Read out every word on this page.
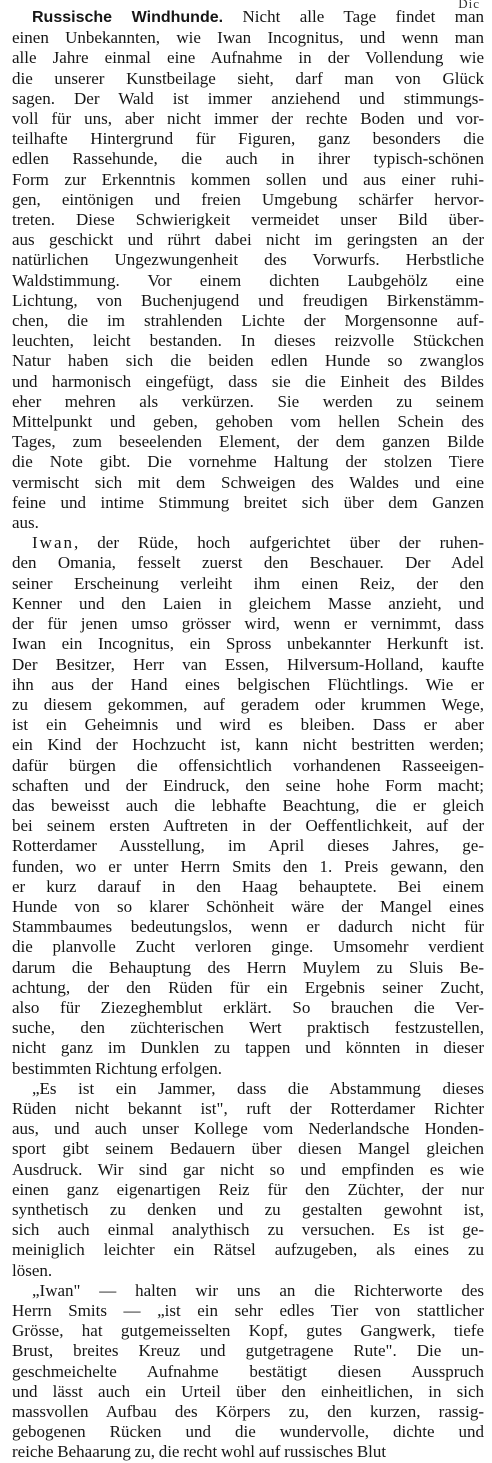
Dic

Russische Windhunde. Nicht alle Tage findet man
einen Unbekannten, wie Iwan Incognitus, und wenn man
alle Jahre einmal eine Aufnahme in der Vollendung wie
die unserer Kunstbeilage sieht, darf man von Glück
sagen. Der Wald ist immer anziehend und stimmungs-
voll für uns, aber nicht immer der rechte Boden und vor-
teilhafte Hintergrund für Figuren, ganz besonders die
edlen Rassehunde, die auch in ihrer typisch-schönen
Form zur Erkenntnis kommen sollen und aus einer ruhi-
gen, eintönigen und freien Umgebung schärfer hervor-
treten. Diese Schwierigkeit vermeidet unser Bild über-
aus geschickt und rührt dabei nicht im geringsten an der
natürlichen Ungezwungenheit des Vorwurfs. Herbstliche
Waldstimmung. Vor einem dichten Laubgehölz eine
Lichtung, von Buchenjugend und freudigen Birkenstämm-
chen, die im strahlenden Lichte der Morgensonne auf-
leuchten, leicht bestanden. In dieses reizvolle Stückchen
Natur haben sich die beiden edlen Hunde so zwanglos
und harmonisch eingefügt, dass sie die Einheit des Bildes
eher mehren als verkürzen. Sie werden zu seinem
Mittelpunkt und geben, gehoben vom hellen Schein des
Tages, zum beseelenden Element, der dem ganzen Bilde
die Note gibt. Die vornehme Haltung der stolzen Tiere
vermischt sich mit dem Schweigen des Waldes und eine
feine und intime Stimmung breitet sich über dem Ganzen
aus.

Iwan, der Rüde, hoch aufgerichtet über der ruhen-
den Omania, fesselt zuerst den Beschauer. Der Adel
seiner Erscheinung verleiht ihm einen Reiz, der den
Kenner und den Laien in gleichem Masse anzieht, und
der für jenen umso grösser wird, wenn er vernimmt, dass
Iwan ein Incognitus, ein Spross unbekannter Herkunft ist.
Der Besitzer, Herr van Essen, Hilversum-Holland, kaufte
ihn aus der Hand eines belgischen Flüchtlings. Wie er
zu diesem gekommen, auf geradem oder krummen Wege,
ist ein Geheimnis und wird es bleiben. Dass er aber
ein Kind der Hochzucht ist, kann nicht bestritten werden;
dafür bürgen die offensichtlich vorhandenen Rasseeigen-
schaften und der Eindruck, den seine hohe Form macht;
das beweisst auch die lebhafte Beachtung, die er gleich
bei seinem ersten Auftreten in der Oeffentlichkeit, auf der
Rotterdamer Ausstellung, im April dieses Jahres, ge-
funden, wo er unter Herrn Smits den 1. Preis gewann, den
er kurz darauf in den Haag behauptete. Bei einem
Hunde von so klarer Schönheit wäre der Mangel eines
Stammbaumes bedeutungslos, wenn er dadurch nicht für
die planvolle Zucht verloren ginge. Umsomehr verdient
darum die Behauptung des Herrn Muylem zu Sluis Be-
achtung, der den Rüden für ein Ergebnis seiner Zucht,
also für Ziezeghemblut erklärt. So brauchen die Ver-
suche, den züchterischen Wert praktisch festzustellen,
nicht ganz im Dunklen zu tappen und könnten in dieser
bestimmten Richtung erfolgen.

„Es ist ein Jammer, dass die Abstammung dieses
Rüden nicht bekannt ist", ruft der Rotterdamer Richter
aus, und auch unser Kollege vom Nederlandsche Honden-
sport gibt seinem Bedauern über diesen Mangel gleichen
Ausdruck. Wir sind gar nicht so und empfinden es wie
einen ganz eigenartigen Reiz für den Züchter, der nur
synthetisch zu denken und zu gestalten gewohnt ist,
sich auch einmal analythisch zu versuchen. Es ist ge-
meiniglich leichter ein Rätsel aufzugeben, als eines zu
lösen.

„Iwan" — halten wir uns an die Richterworte des
Herrn Smits — „ist ein sehr edles Tier von stattlicher
Grösse, hat gutgemeisselten Kopf, gutes Gangwerk, tiefe
Brust, breites Kreuz und gutgetragene Rute". Die un-
geschmeichelte Aufnahme bestätigt diesen Ausspruch
und lässt auch ein Urteil über den einheitlichen, in sich
massvollen Aufbau des Körpers zu, den kurzen, rassig-
gebogenen Rücken und die wundervolle, dichte und
reiche Behaarung zu, die recht wohl auf russisches Blut
